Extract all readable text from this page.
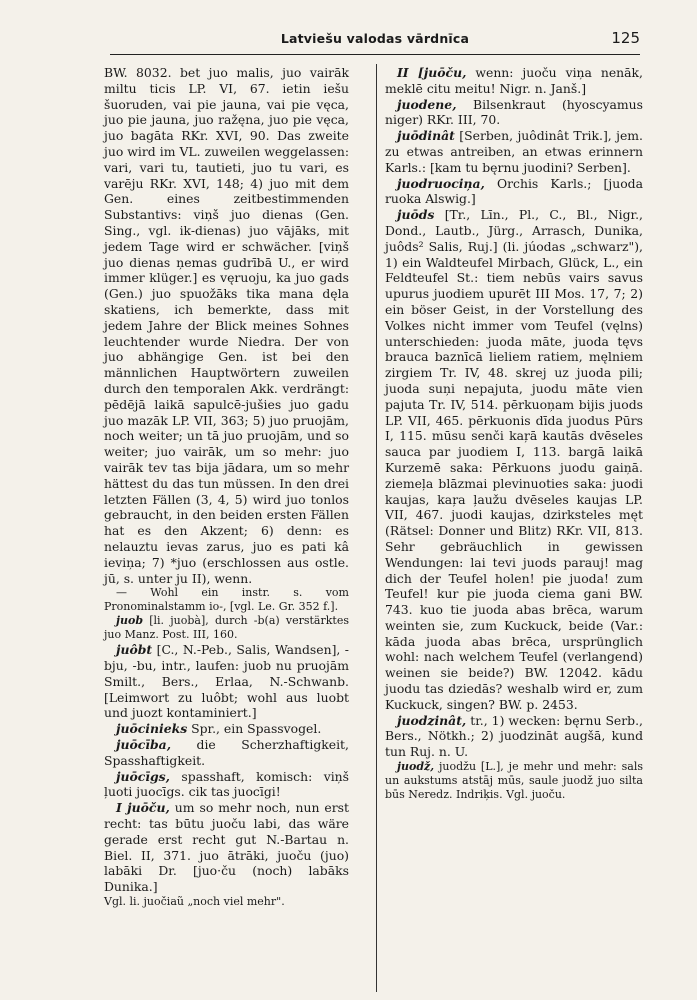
Latviešu valodas vārdnīca	125

BW. 8032. bet juo malis, juo vairāk miltu ticis LP. VI, 67. ietin iešu šuoruden, vai pie jauna, vai pie vęca, juo pie jauna, juo ražęna, juo pie vęca, juo bagāta RKr. XVI, 90. Das zweite juo wird im VL. zuweilen weggelassen: vari, vari tu, tautieti, juo tu vari, es varēju RKr. XVI, 148; 4) juo mit dem Gen. eines zeitbestimmenden Substantivs: viņš juo dienas (Gen. Sing., vgl. ik-dienas) juo vājāks, mit jedem Tage wird er schwächer. [viņš juo dienas ņemas gudrībā U., er wird immer klüger.] es vęruoju, ka juo gads (Gen.) juo spuožāks tika mana dęla skatiens, ich bemerkte, dass mit jedem Jahre der Blick meines Sohnes leuchtender wurde Niedra. Der von juo abhängige Gen. ist bei den männlichen Hauptwörtern zuweilen durch den temporalen Akk. verdrängt: pēdējā laikā sapulcē-jušies juo gadu juo mazāk LP. VII, 363; 5) juo pruojām, noch weiter; un tā juo pruojām, und so weiter; juo vairāk, um so mehr: juo vairāk tev tas bija jādara, um so mehr hättest du das tun müssen. In den drei letzten Fällen (3, 4, 5) wird juo tonlos gebraucht, in den beiden ersten Fällen hat es den Akzent; 6) denn: es nelauztu ievas zarus, juo es pati kâ ieviņa; 7) *juo (erschlossen aus ostle. jū, s. unter ju II), wenn.

— Wohl ein instr. s. vom Pronominalstamm io-, [vgl. Le. Gr. 352 f.].

juob [li. juobà], durch -b(a) verstärktes juo Manz. Post. III, 160.

juôbt [C., N.-Peb., Salis, Wandsen], -bju, -bu, intr., laufen: juob nu pruojām Smilt., Bers., Erlaa, N.-Schwanb. [Leimwort zu luôbt; wohl aus luobt und juozt kontaminiert.]

juōcinieks Spr., ein Spassvogel.

juōcība, die Scherzhaftigkeit, Spasshaftigkeit.

juōcīgs, spasshaft, komisch: viņš ļuoti juocīgs. cik tas juocīgi!

I juōču, um so mehr noch, nun erst recht: tas būtu juoču labi, das wäre gerade erst recht gut N.-Bartau n. Biel. II, 371. juo ātrāki, juoču (juo) labāki Dr. [juo·ču (noch) labāks Dunika.]

Vgl. li. juočiaũ „noch viel mehr".

II [juōču, wenn: juoču viņa nenāk, meklē citu meitu! Nigr. n. Janš.]

juodene, Bilsenkraut (hyoscyamus niger) RKr. III, 70.

juōdinât [Serben, juôdinât Trik.], jem. zu etwas antreiben, an etwas erinnern Karls.: [kam tu bęrnu juodini? Serben].

juodruociņa, Orchis Karls.; [juoda ruoka Alswig.]

juōds [Tr., Līn., Pl., C., Bl., Nigr., Dond., Lautb., Jürg., Arrasch, Dunika, juôds² Salis, Ruj.] (li. júodas „schwarz"), 1) ein Waldteufel Mirbach, Glück, L., ein Feldteufel St.: tiem nebūs vairs savus upurus juodiem upurēt III Mos. 17, 7; 2) ein böser Geist, in der Vorstellung des Volkes nicht immer vom Teufel (vęlns) unterschieden: juoda māte, juoda tęvs brauca baznīcā lieliem ratiem, męlniem zirgiem Tr. IV, 48. skrej uz juoda pili; juoda suņi nepajuta, juodu māte vien pajuta Tr. IV, 514. pērkuoņam bijis juods LP. VII, 465. pērkuonis dīda juodus Pūrs I, 115. mūsu senči kaŗā kautās dvēseles sauca par juodiem I, 113. bargā laikā Kurzemē saka: Pērkuons juodu gaiņā. ziemeļa blāzmai plevinuoties saka: juodi kaujas, kaŗa ļaužu dvēseles kaujas LP. VII, 467. juodi kaujas, dzirksteles męt (Rätsel: Donner und Blitz) RKr. VII, 813. Sehr gebräuchlich in gewissen Wendungen: lai tevi juods parauj! mag dich der Teufel holen! pie juoda! zum Teufel! kur pie juoda ciema gani BW. 743. kuo tie juoda abas brēca, warum weinten sie, zum Kuckuck, beide (Var.: kāda juoda abas brēca, ursprünglich wohl: nach welchem Teufel (verlangend) weinen sie beide?) BW. 12042. kādu juodu tas dziedās? weshalb wird er, zum Kuckuck, singen? BW. p. 2453.

juodzinât, tr., 1) wecken: bęrnu Serb., Bers., Nötkh.; 2) juodzināt augšā, kund tun Ruj. n. U.

juodž, juodžu [L.], je mehr und mehr: sals un aukstums atstāj mūs, saule juodž juo silta būs Neredz. Indriķis. Vgl. juoču.
